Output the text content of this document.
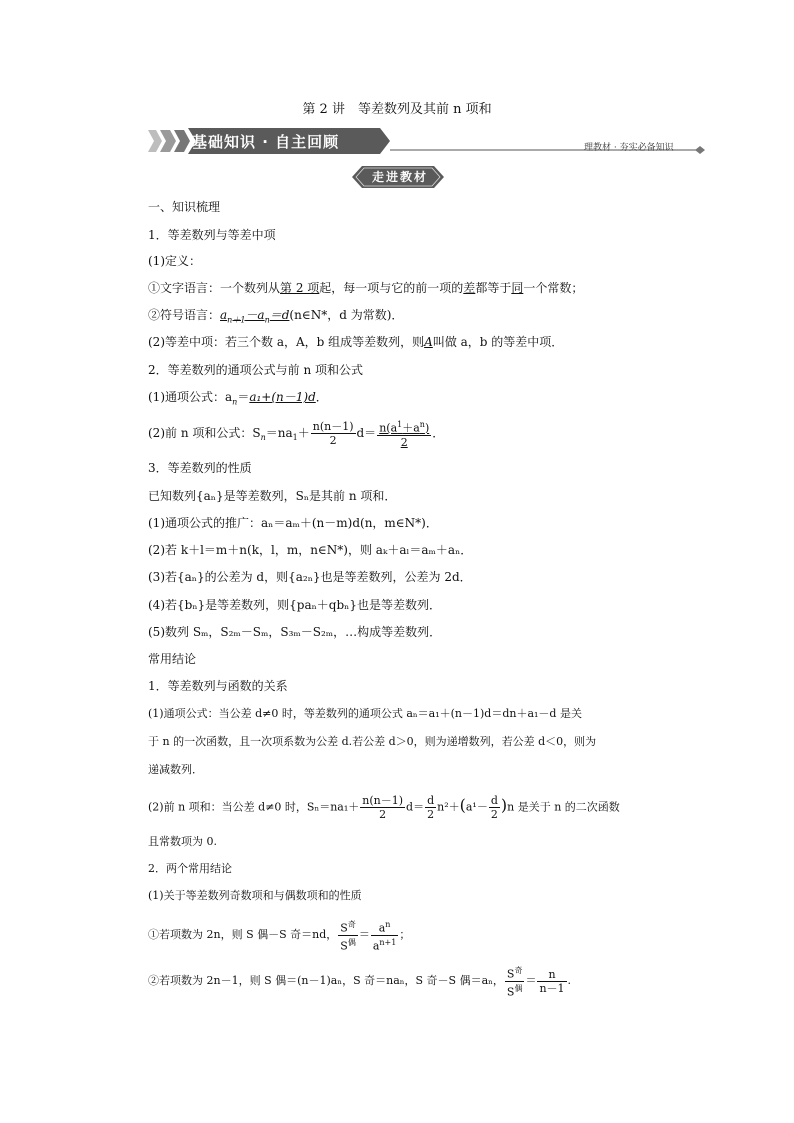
第 2 讲　等差数列及其前 n 项和
基础知识 · 自主回顾	理教材 · 夯实必备知识
走进教材
一、知识梳理
1．等差数列与等差中项
(1)定义：
①文字语言：一个数列从第 2 项起，每一项与它的前一项的差都等于同一个常数；
②符号语言：$a_{n+1}-a_n=d(n\in N*$，d 为常数)．
(2)等差中项：若三个数 a，A，b 组成等差数列，则A叫做 a，b 的等差中项．
2．等差数列的通项公式与前 n 项和公式
(1)通项公式：$a_n=a_1+(n-1)d$．
(2)前 n 项和公式：$S_n=na_1+ \frac{n(n-1)}{2} d= \frac{n(a^1+a^n)}{2}$ ．
3．等差数列的性质
已知数列{aₙ}是等差数列，Sₙ是其前 n 项和．
(1)通项公式的推广：aₙ＝aₘ＋(n－m)d(n，m∈N*)．
(2)若 k＋l＝m＋n(k，l，m，n∈N*)，则 aₖ＋aₗ＝aₘ＋aₙ．
(3)若{aₙ}的公差为 d，则{a₂ₙ}也是等差数列，公差为 2d．
(4)若{bₙ}是等差数列，则{paₙ＋qbₙ}也是等差数列．
(5)数列 Sₘ，S₂ₘ－Sₘ，S₃ₘ－S₂ₘ，…构成等差数列．
常用结论
1．等差数列与函数的关系
(1)通项公式：当公差 d≠0 时，等差数列的通项公式 aₙ＝a₁＋(n－1)d＝dn＋a₁－d 是关
于 n 的一次函数，且一次项系数为公差 d.若公差 d＞0，则为递增数列，若公差 d＜0，则为
递减数列．
(2)前 n 项和：当公差 d≠0 时，$S_n=na_1+ \frac{n(n-1)}{2} d= \frac{d}{2} n^2+(a^1- \frac{d}{2} )n$ 是关于 n 的二次函数
且常数项为 0.
2．两个常用结论
(1)关于等差数列奇数项和与偶数项和的性质
①若项数为 2n，则 S 偶－S 奇＝nd， $\frac{S^奇}{S^偶} = \frac{a^n}{a^{n+1}}$ ；
②若项数为 2n－1，则 S 偶＝(n－1)aₙ，S 奇＝naₙ，S 奇－S 偶＝aₙ， $\frac{S^奇}{S^偶} = \frac{n}{n-1}$ .
